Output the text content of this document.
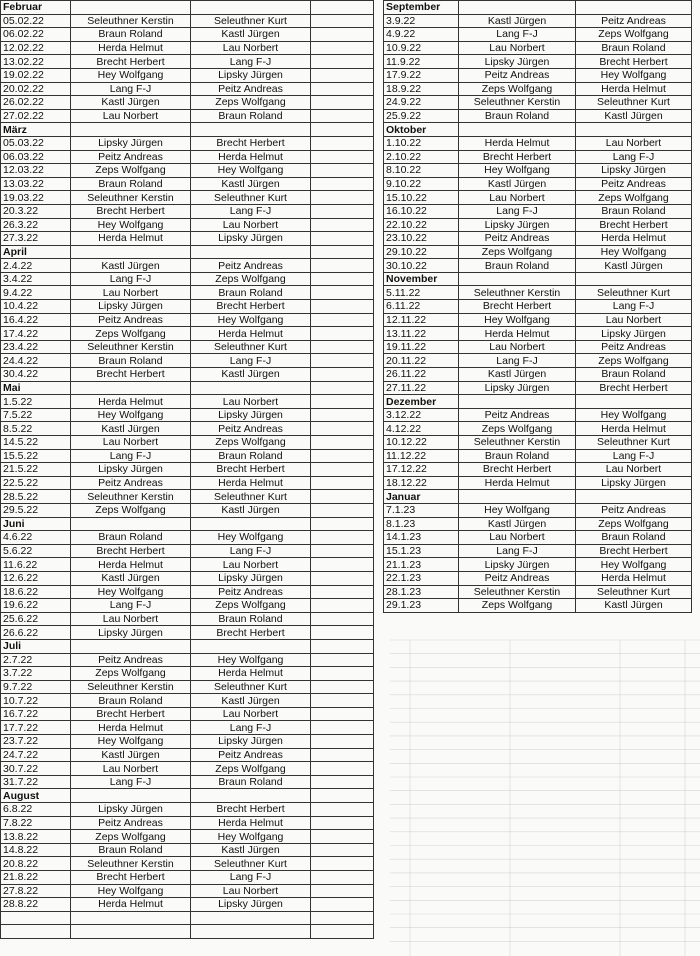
Februar			
05.02.22	Seleuthner Kerstin	Seleuthner Kurt	
06.02.22	Braun Roland	Kastl Jürgen	
12.02.22	Herda Helmut	Lau Norbert	
13.02.22	Brecht Herbert	Lang F-J	
19.02.22	Hey Wolfgang	Lipsky Jürgen	
20.02.22	Lang F-J	Peitz Andreas	
26.02.22	Kastl Jürgen	Zeps Wolfgang	
27.02.22	Lau Norbert	Braun Roland	
März			
05.03.22	Lipsky Jürgen	Brecht Herbert	
06.03.22	Peitz Andreas	Herda Helmut	
12.03.22	Zeps Wolfgang	Hey Wolfgang	
13.03.22	Braun Roland	Kastl Jürgen	
19.03.22	Seleuthner Kerstin	Seleuthner Kurt	
20.3.22	Brecht Herbert	Lang F-J	
26.3.22	Hey Wolfgang	Lau Norbert	
27.3.22	Herda Helmut	Lipsky Jürgen	
April			
2.4.22	Kastl Jürgen	Peitz Andreas	
3.4.22	Lang F-J	Zeps Wolfgang	
9.4.22	Lau Norbert	Braun Roland	
10.4.22	Lipsky Jürgen	Brecht Herbert	
16.4.22	Peitz Andreas	Hey Wolfgang	
17.4.22	Zeps Wolfgang	Herda Helmut	
23.4.22	Seleuthner Kerstin	Seleuthner Kurt	
24.4.22	Braun Roland	Lang F-J	
30.4.22	Brecht Herbert	Kastl Jürgen	
Mai			
1.5.22	Herda Helmut	Lau Norbert	
7.5.22	Hey Wolfgang	Lipsky Jürgen	
8.5.22	Kastl Jürgen	Peitz Andreas	
14.5.22	Lau Norbert	Zeps Wolfgang	
15.5.22	Lang F-J	Braun Roland	
21.5.22	Lipsky Jürgen	Brecht Herbert	
22.5.22	Peitz Andreas	Herda Helmut	
28.5.22	Seleuthner Kerstin	Seleuthner Kurt	
29.5.22	Zeps Wolfgang	Kastl Jürgen	
Juni			
4.6.22	Braun Roland	Hey Wolfgang	
5.6.22	Brecht Herbert	Lang F-J	
11.6.22	Herda Helmut	Lau Norbert	
12.6.22	Kastl Jürgen	Lipsky Jürgen	
18.6.22	Hey Wolfgang	Peitz Andreas	
19.6.22	Lang F-J	Zeps Wolfgang	
25.6.22	Lau Norbert	Braun Roland	
26.6.22	Lipsky Jürgen	Brecht Herbert	
Juli			
2.7.22	Peitz Andreas	Hey Wolfgang	
3.7.22	Zeps Wolfgang	Herda Helmut	
9.7.22	Seleuthner Kerstin	Seleuthner Kurt	
10.7.22	Braun Roland	Kastl Jürgen	
16.7.22	Brecht Herbert	Lau Norbert	
17.7.22	Herda Helmut	Lang F-J	
23.7.22	Hey Wolfgang	Lipsky Jürgen	
24.7.22	Kastl Jürgen	Peitz Andreas	
30.7.22	Lau Norbert	Zeps Wolfgang	
31.7.22	Lang F-J	Braun Roland	
August			
6.8.22	Lipsky Jürgen	Brecht Herbert	
7.8.22	Peitz Andreas	Herda Helmut	
13.8.22	Zeps Wolfgang	Hey Wolfgang	
14.8.22	Braun Roland	Kastl Jürgen	
20.8.22	Seleuthner Kerstin	Seleuthner Kurt	
21.8.22	Brecht Herbert	Lang F-J	
27.8.22	Hey Wolfgang	Lau Norbert	
28.8.22	Herda Helmut	Lipsky Jürgen	

September		
3.9.22	Kastl Jürgen	Peitz Andreas
4.9.22	Lang F-J	Zeps Wolfgang
10.9.22	Lau Norbert	Braun Roland
11.9.22	Lipsky Jürgen	Brecht Herbert
17.9.22	Peitz Andreas	Hey Wolfgang
18.9.22	Zeps Wolfgang	Herda Helmut
24.9.22	Seleuthner Kerstin	Seleuthner Kurt
25.9.22	Braun Roland	Kastl Jürgen
Oktober		
1.10.22	Herda Helmut	Lau Norbert
2.10.22	Brecht Herbert	Lang F-J
8.10.22	Hey Wolfgang	Lipsky Jürgen
9.10.22	Kastl Jürgen	Peitz Andreas
15.10.22	Lau Norbert	Zeps Wolfgang
16.10.22	Lang F-J	Braun Roland
22.10.22	Lipsky Jürgen	Brecht Herbert
23.10.22	Peitz Andreas	Herda Helmut
29.10.22	Zeps Wolfgang	Hey Wolfgang
30.10.22	Braun Roland	Kastl Jürgen
November		
5.11.22	Seleuthner Kerstin	Seleuthner Kurt
6.11.22	Brecht Herbert	Lang F-J
12.11.22	Hey Wolfgang	Lau Norbert
13.11.22	Herda Helmut	Lipsky Jürgen
19.11.22	Lau Norbert	Peitz Andreas
20.11.22	Lang F-J	Zeps Wolfgang
26.11.22	Kastl Jürgen	Braun Roland
27.11.22	Lipsky Jürgen	Brecht Herbert
Dezember		
3.12.22	Peitz Andreas	Hey Wolfgang
4.12.22	Zeps Wolfgang	Herda Helmut
10.12.22	Seleuthner Kerstin	Seleuthner Kurt
11.12.22	Braun Roland	Lang F-J
17.12.22	Brecht Herbert	Lau Norbert
18.12.22	Herda Helmut	Lipsky Jürgen
Januar		
7.1.23	Hey Wolfgang	Peitz Andreas
8.1.23	Kastl Jürgen	Zeps Wolfgang
14.1.23	Lau Norbert	Braun Roland
15.1.23	Lang F-J	Brecht Herbert
21.1.23	Lipsky Jürgen	Hey Wolfgang
22.1.23	Peitz Andreas	Herda Helmut
28.1.23	Seleuthner Kerstin	Seleuthner Kurt
29.1.23	Zeps Wolfgang	Kastl Jürgen
